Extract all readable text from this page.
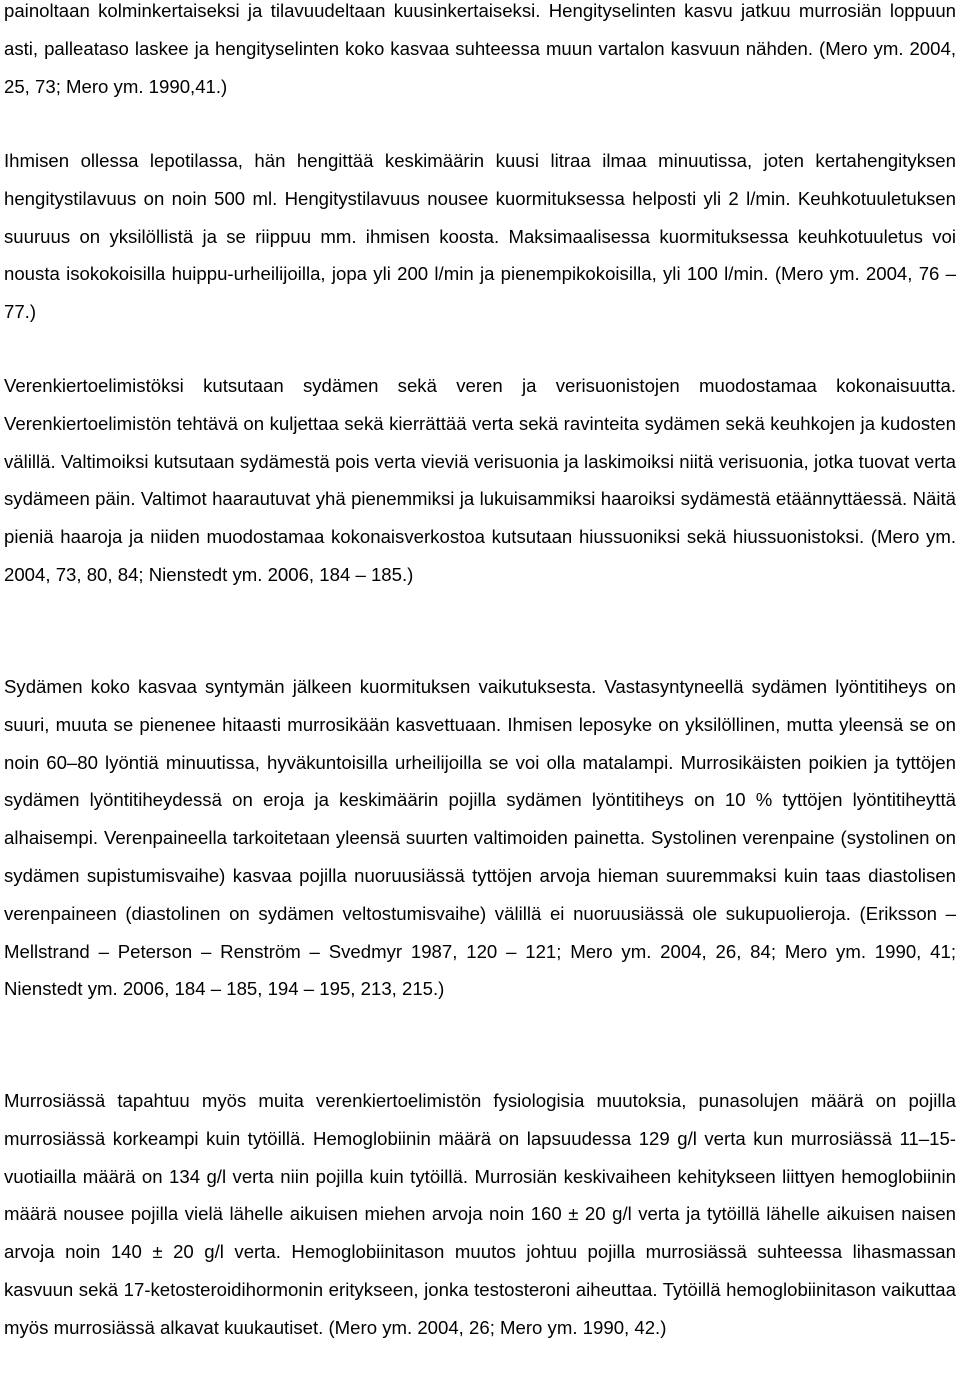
painoltaan kolminkertaiseksi ja tilavuudeltaan kuusinkertaiseksi. Hengityselinten kasvu jatkuu murrosiän loppuun asti, palleataso laskee ja hengityselinten koko kasvaa suhteessa muun vartalon kasvuun nähden. (Mero ym. 2004, 25, 73; Mero ym. 1990,41.)

Ihmisen ollessa lepotilassa, hän hengittää keskimäärin kuusi litraa ilmaa minuutissa, joten kertahengityksen hengitystilavuus on noin 500 ml. Hengitystilavuus nousee kuormituksessa helposti yli 2 l/min. Keuhkotuuletuksen suuruus on yksilöllistä ja se riippuu mm. ihmisen koosta. Maksimaalisessa kuormituksessa keuhkotuuletus voi nousta isokokoisilla huippu-urheilijoilla, jopa yli 200 l/min ja pienempikokoisilla, yli 100 l/min. (Mero ym. 2004, 76 – 77.)

Verenkiertoelimistöksi kutsutaan sydämen sekä veren ja verisuonistojen muodostamaa kokonaisuutta. Verenkiertoelimistön tehtävä on kuljettaa sekä kierrättää verta sekä ravinteita sydämen sekä keuhkojen ja kudosten välillä. Valtimoiksi kutsutaan sydämestä pois verta vieviä verisuonia ja laskimoiksi niitä verisuonia, jotka tuovat verta sydämeen päin. Valtimot haarautuvat yhä pienemmiksi ja lukuisammiksi haaroiksi sydämestä etäännyttäessä. Näitä pieniä haaroja ja niiden muodostamaa kokonaisverkostoa kutsutaan hiussuoniksi sekä hiussuonistoksi. (Mero ym. 2004, 73, 80, 84; Nienstedt ym. 2006, 184 – 185.)

Sydämen koko kasvaa syntymän jälkeen kuormituksen vaikutuksesta. Vastasyntyneellä sydämen lyöntitiheys on suuri, muuta se pienenee hitaasti murrosikään kasvettuaan. Ihmisen leposyke on yksilöllinen, mutta yleensä se on noin 60–80 lyöntiä minuutissa, hyväkuntoisilla urheilijoilla se voi olla matalampi. Murrosikäisten poikien ja tyttöjen sydämen lyöntitiheydessä on eroja ja keskimäärin pojilla sydämen lyöntitiheys on 10 % tyttöjen lyöntitiheyttä alhaisempi. Verenpaineella tarkoitetaan yleensä suurten valtimoiden painetta. Systolinen verenpaine (systolinen on sydämen supistumisvaihe) kasvaa pojilla nuoruusiässä tyttöjen arvoja hieman suuremmaksi kuin taas diastolisen verenpaineen (diastolinen on sydämen veltostumisvaihe) välillä ei nuoruusiässä ole sukupuolieroja. (Eriksson – Mellstrand – Peterson – Renström – Svedmyr 1987, 120 – 121; Mero ym. 2004, 26, 84; Mero ym. 1990, 41; Nienstedt ym. 2006, 184 – 185, 194 – 195, 213, 215.)

Murrosiässä tapahtuu myös muita verenkiertoelimistön fysiologisia muutoksia, punasolujen määrä on pojilla murrosiässä korkeampi kuin tytöillä. Hemoglobiinin määrä on lapsuudessa 129 g/l verta kun murrosiässä 11–15-vuotiailla määrä on 134 g/l verta niin pojilla kuin tytöillä. Murrosiän keskivaiheen kehitykseen liittyen hemoglobiinin määrä nousee pojilla vielä lähelle aikuisen miehen arvoja noin 160 ± 20 g/l verta ja tytöillä lähelle aikuisen naisen arvoja noin 140 ± 20 g/l verta. Hemoglobiinitason muutos johtuu pojilla murrosiässä suhteessa lihasmassan kasvuun sekä 17-ketosteroidihormonin eritykseen, jonka testosteroni aiheuttaa. Tytöillä hemoglobiinitason vaikuttaa myös murrosiässä alkavat kuukautiset. (Mero ym. 2004, 26; Mero ym. 1990, 42.)
